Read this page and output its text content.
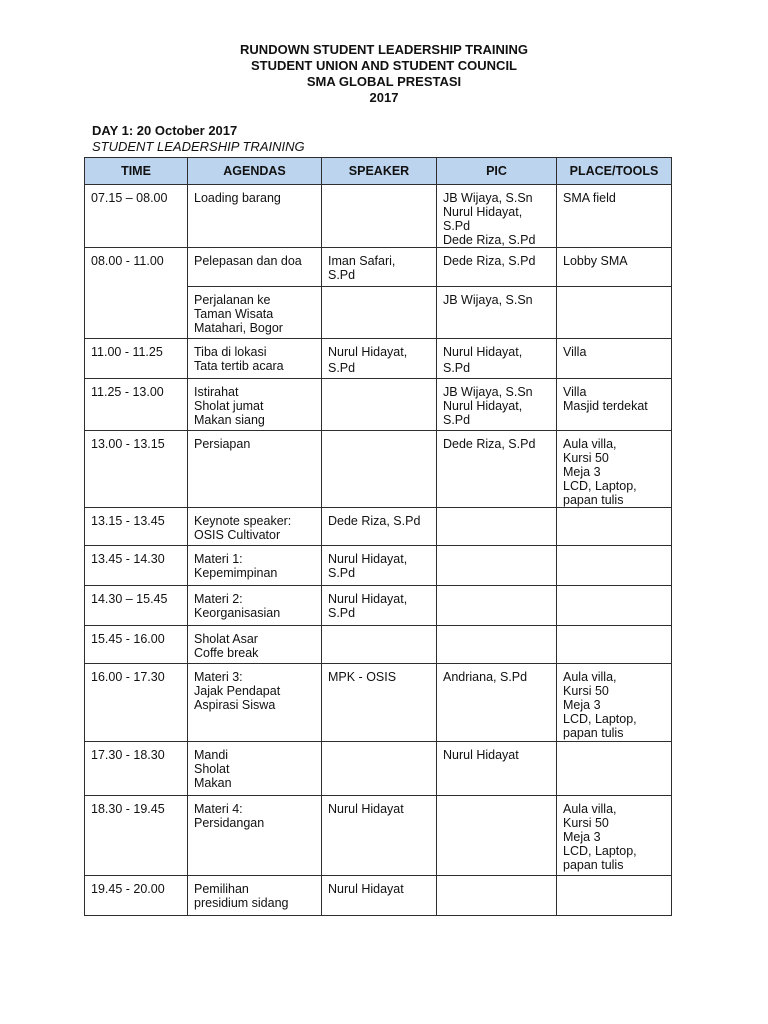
RUNDOWN STUDENT LEADERSHIP TRAINING
STUDENT UNION AND STUDENT COUNCIL
SMA GLOBAL PRESTASI
2017
DAY 1: 20 October 2017
STUDENT LEADERSHIP TRAINING
TIME	AGENDAS	SPEAKER	PIC	PLACE/TOOLS

07.15 – 08.00	Loading barang		JB Wijaya, S.Sn
Nurul Hidayat,
S.Pd
Dede Riza, S.Pd	SMA field

08.00 - 11.00	Pelepasan dan doa	Iman Safari,
S.Pd	Dede Riza, S.Pd	Lobby SMA

	Perjalanan ke
Taman Wisata
Matahari, Bogor		JB Wijaya, S.Sn	

11.00 - 11.25	Tiba di lokasi
Tata tertib acara	Nurul Hidayat,
S.Pd	Nurul Hidayat,
S.Pd	Villa

11.25 - 13.00	Istirahat
Sholat jumat
Makan siang		JB Wijaya, S.Sn
Nurul Hidayat,
S.Pd	Villa
Masjid terdekat

13.00 - 13.15	Persiapan		Dede Riza, S.Pd	Aula villa,
Kursi 50
Meja 3
LCD, Laptop,
papan tulis

13.15 - 13.45	Keynote speaker:
OSIS Cultivator	Dede Riza, S.Pd		

13.45 - 14.30	Materi 1:
Kepemimpinan	Nurul Hidayat,
S.Pd		

14.30 – 15.45	Materi 2:
Keorganisasian	Nurul Hidayat,
S.Pd		

15.45 - 16.00	Sholat Asar
Coffe break			

16.00 - 17.30	Materi 3:
Jajak Pendapat
Aspirasi Siswa	MPK - OSIS	Andriana, S.Pd	Aula villa,
Kursi 50
Meja 3
LCD, Laptop,
papan tulis

17.30 - 18.30	Mandi
Sholat
Makan		Nurul Hidayat	

18.30 - 19.45	Materi 4:
Persidangan	Nurul Hidayat		Aula villa,
Kursi 50
Meja 3
LCD, Laptop,
papan tulis

19.45 - 20.00	Pemilihan
presidium sidang	Nurul Hidayat		
